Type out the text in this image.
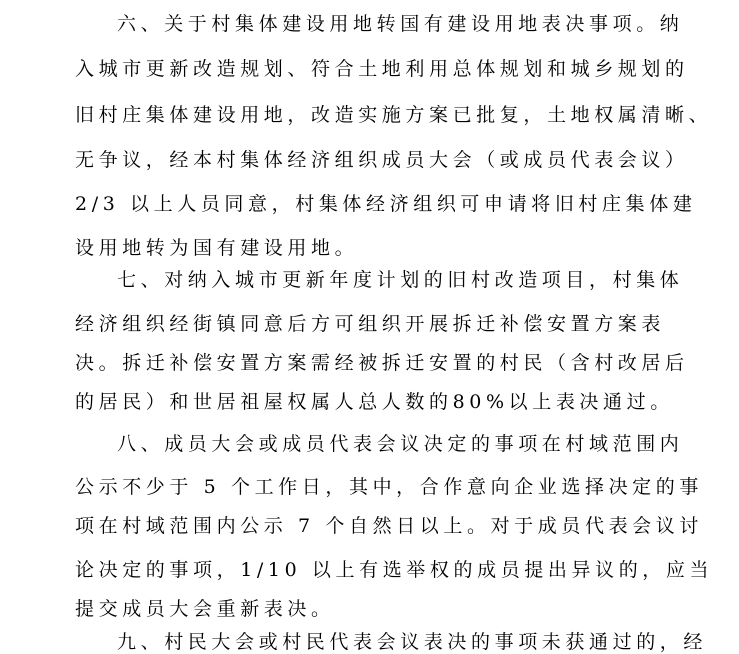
六、关于村集体建设用地转国有建设用地表决事项。纳
入城市更新改造规划、符合土地利用总体规划和城乡规划的
旧村庄集体建设用地，改造实施方案已批复，土地权属清晰、
无争议，经本村集体经济组织成员大会（或成员代表会议）
2/3 以上人员同意，村集体经济组织可申请将旧村庄集体建
设用地转为国有建设用地。
七、对纳入城市更新年度计划的旧村改造项目，村集体
经济组织经街镇同意后方可组织开展拆迁补偿安置方案表
决。拆迁补偿安置方案需经被拆迁安置的村民（含村改居后
的居民）和世居祖屋权属人总人数的80%以上表决通过。
八、成员大会或成员代表会议决定的事项在村域范围内
公示不少于 5 个工作日，其中，合作意向企业选择决定的事
项在村域范围内公示 7 个自然日以上。对于成员代表会议讨
论决定的事项，1/10 以上有选举权的成员提出异议的，应当
提交成员大会重新表决。
九、村民大会或村民代表会议表决的事项未获通过的，经
